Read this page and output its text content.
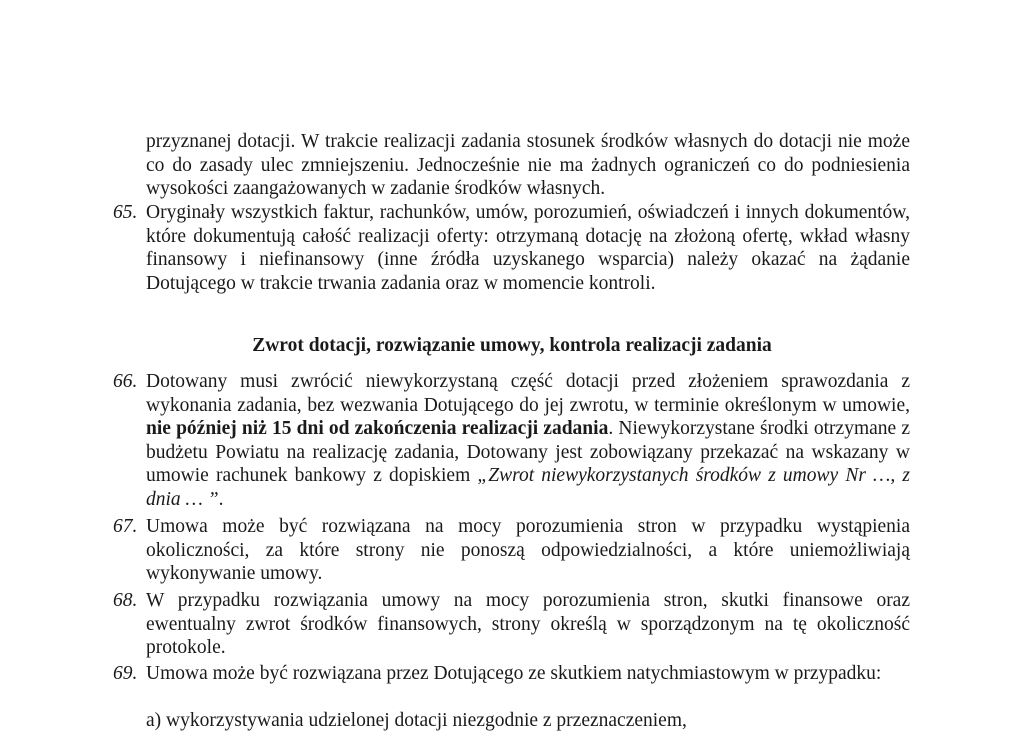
przyznanej dotacji. W trakcie realizacji zadania stosunek środków własnych do dotacji nie może co do zasady ulec zmniejszeniu. Jednocześnie nie ma żadnych ograniczeń co do podniesienia wysokości zaangażowanych w zadanie środków własnych.
65. Oryginały wszystkich faktur, rachunków, umów, porozumień, oświadczeń i innych dokumentów, które dokumentują całość realizacji oferty: otrzymaną dotację na złożoną ofertę, wkład własny finansowy i niefinansowy (inne źródła uzyskanego wsparcia) należy okazać na żądanie Dotującego w trakcie trwania zadania oraz w momencie kontroli.
Zwrot dotacji, rozwiązanie umowy, kontrola realizacji zadania
66. Dotowany musi zwrócić niewykorzystaną część dotacji przed złożeniem sprawozdania z wykonania zadania, bez wezwania Dotującego do jej zwrotu, w terminie określonym w umowie, nie później niż 15 dni od zakończenia realizacji zadania. Niewykorzystane środki otrzymane z budżetu Powiatu na realizację zadania, Dotowany jest zobowiązany przekazać na wskazany w umowie rachunek bankowy z dopiskiem „Zwrot niewykorzystanych środków z umowy Nr …, z dnia … ”.
67. Umowa może być rozwiązana na mocy porozumienia stron w przypadku wystąpienia okoliczności, za które strony nie ponoszą odpowiedzialności, a które uniemożliwiają wykonywanie umowy.
68. W przypadku rozwiązania umowy na mocy porozumienia stron, skutki finansowe oraz ewentualny zwrot środków finansowych, strony określą w sporządzonym na tę okoliczność protokole.
69. Umowa może być rozwiązana przez Dotującego ze skutkiem natychmiastowym w przypadku:
a) wykorzystywania udzielonej dotacji niezgodnie z przeznaczeniem,
